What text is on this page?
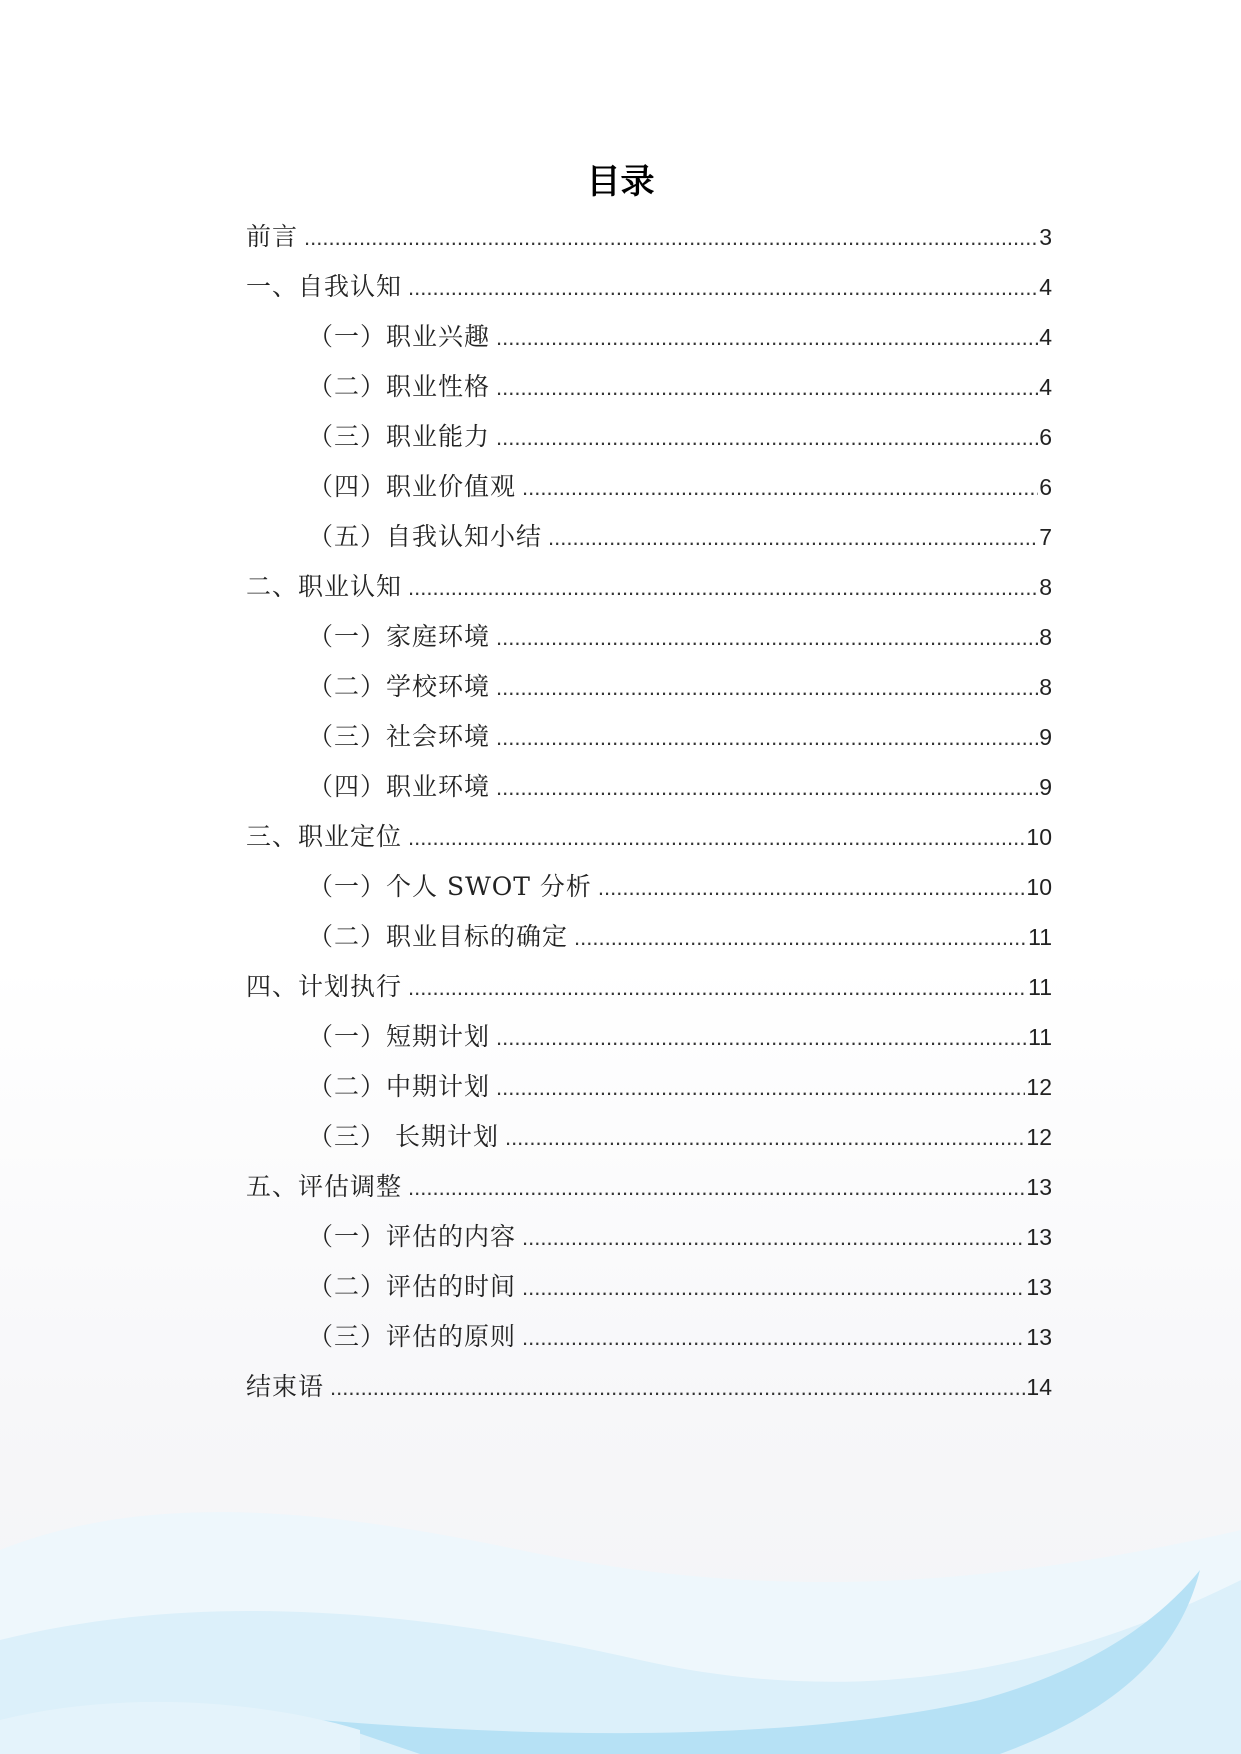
目录
前言 .....	3
一、自我认知 .....	4
（一）职业兴趣 .....	4
（二）职业性格 .....	4
（三）职业能力 .....	6
（四）职业价值观 .....	6
（五）自我认知小结 .....	7
二、职业认知 .....	8
（一）家庭环境 .....	8
（二）学校环境 .....	8
（三）社会环境 .....	9
（四）职业环境 .....	9
三、职业定位 .....	10
（一）个人 SWOT 分析 .....	10
（二）职业目标的确定 .....	11
四、计划执行 .....	11
（一）短期计划 .....	11
（二）中期计划 .....	12
（三） 长期计划 .....	12
五、评估调整 .....	13
（一）评估的内容 .....	13
（二）评估的时间 .....	13
（三）评估的原则 .....	13
结束语 .....	14
